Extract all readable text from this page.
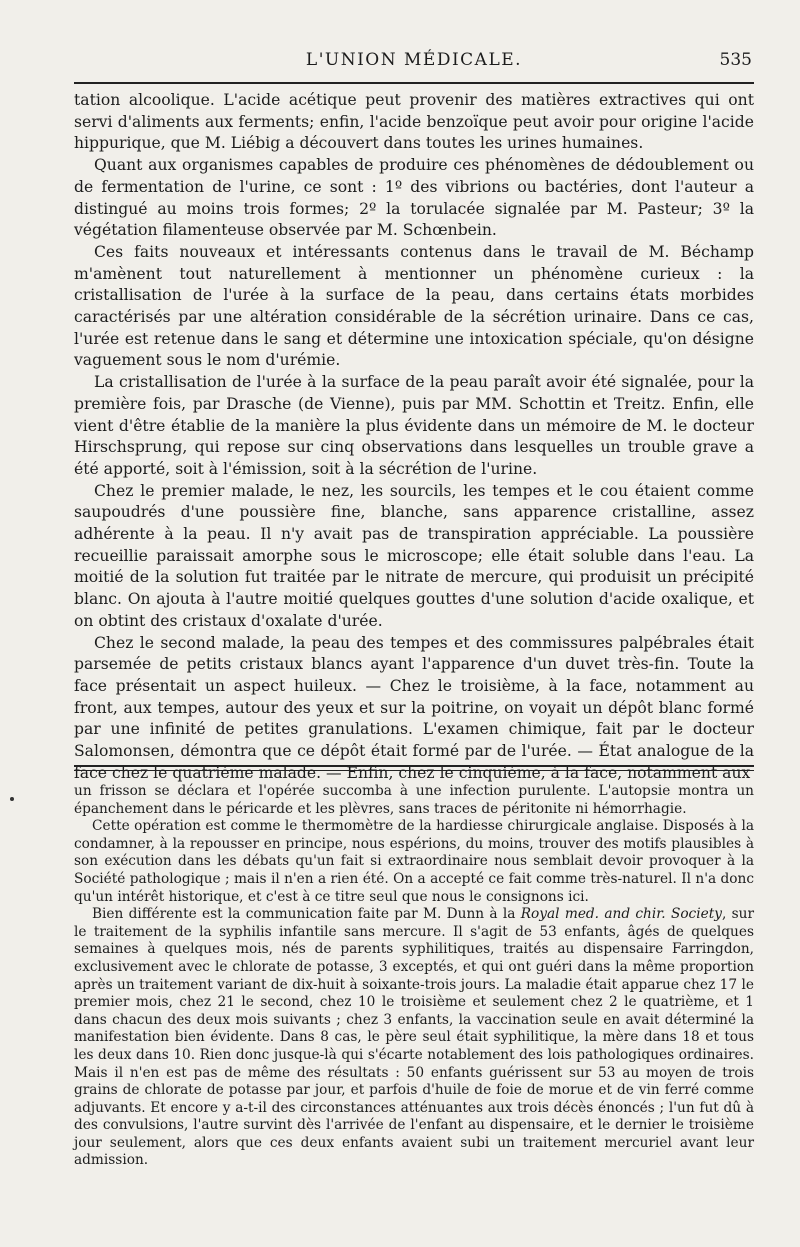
L'UNION MÉDICALE.	535

tation alcoolique. L'acide acétique peut provenir des matières extractives qui ont servi d'aliments aux ferments; enfin, l'acide benzoïque peut avoir pour origine l'acide hippurique, que M. Liébig a découvert dans toutes les urines humaines.

Quant aux organismes capables de produire ces phénomènes de dédoublement ou de fermentation de l'urine, ce sont : 1º des vibrions ou bactéries, dont l'auteur a distingué au moins trois formes; 2º la torulacée signalée par M. Pasteur; 3º la végétation filamenteuse observée par M. Schœnbein.

Ces faits nouveaux et intéressants contenus dans le travail de M. Béchamp m'amènent tout naturellement à mentionner un phénomène curieux : la cristallisation de l'urée à la surface de la peau, dans certains états morbides caractérisés par une altération considérable de la sécrétion urinaire. Dans ce cas, l'urée est retenue dans le sang et détermine une intoxication spéciale, qu'on désigne vaguement sous le nom d'urémie.

La cristallisation de l'urée à la surface de la peau paraît avoir été signalée, pour la première fois, par Drasche (de Vienne), puis par MM. Schottin et Treitz. Enfin, elle vient d'être établie de la manière la plus évidente dans un mémoire de M. le docteur Hirschsprung, qui repose sur cinq observations dans lesquelles un trouble grave a été apporté, soit à l'émission, soit à la sécrétion de l'urine.

Chez le premier malade, le nez, les sourcils, les tempes et le cou étaient comme saupoudrés d'une poussière fine, blanche, sans apparence cristalline, assez adhérente à la peau. Il n'y avait pas de transpiration appréciable. La poussière recueillie paraissait amorphe sous le microscope; elle était soluble dans l'eau. La moitié de la solution fut traitée par le nitrate de mercure, qui produisit un précipité blanc. On ajouta à l'autre moitié quelques gouttes d'une solution d'acide oxalique, et on obtint des cristaux d'oxalate d'urée.

Chez le second malade, la peau des tempes et des commissures palpébrales était parsemée de petits cristaux blancs ayant l'apparence d'un duvet très-fin. Toute la face présentait un aspect huileux. — Chez le troisième, à la face, notamment au front, aux tempes, autour des yeux et sur la poitrine, on voyait un dépôt blanc formé par une infinité de petites granulations. L'examen chimique, fait par le docteur Salomonsen, démontra que ce dépôt était formé par de l'urée. — État analogue de la face chez le quatrième malade. — Enfin, chez le cinquième, à la face, notamment aux

un frisson se déclara et l'opérée succomba à une infection purulente. L'autopsie montra un épanchement dans le péricarde et les plèvres, sans traces de péritonite ni hémorrhagie.

Cette opération est comme le thermomètre de la hardiesse chirurgicale anglaise. Disposés à la condamner, à la repousser en principe, nous espérions, du moins, trouver des motifs plausibles à son exécution dans les débats qu'un fait si extraordinaire nous semblait devoir provoquer à la Société pathologique ; mais il n'en a rien été. On a accepté ce fait comme très-naturel. Il n'a donc qu'un intérêt historique, et c'est à ce titre seul que nous le consignons ici.

Bien différente est la communication faite par M. Dunn à la Royal med. and chir. Society, sur le traitement de la syphilis infantile sans mercure. Il s'agit de 53 enfants, âgés de quelques semaines à quelques mois, nés de parents syphilitiques, traités au dispensaire Farringdon, exclusivement avec le chlorate de potasse, 3 exceptés, et qui ont guéri dans la même proportion après un traitement variant de dix-huit à soixante-trois jours. La maladie était apparue chez 17 le premier mois, chez 21 le second, chez 10 le troisième et seulement chez 2 le quatrième, et 1 dans chacun des deux mois suivants ; chez 3 enfants, la vaccination seule en avait déterminé la manifestation bien évidente. Dans 8 cas, le père seul était syphilitique, la mère dans 18 et tous les deux dans 10. Rien donc jusque-là qui s'écarte notablement des lois pathologiques ordinaires. Mais il n'en est pas de même des résultats : 50 enfants guérissent sur 53 au moyen de trois grains de chlorate de potasse par jour, et parfois d'huile de foie de morue et de vin ferré comme adjuvants. Et encore y a-t-il des circonstances atténuantes aux trois décès énoncés ; l'un fut dû à des convulsions, l'autre survint dès l'arrivée de l'enfant au dispensaire, et le dernier le troisième jour seulement, alors que ces deux enfants avaient subi un traitement mercuriel avant leur admission.
